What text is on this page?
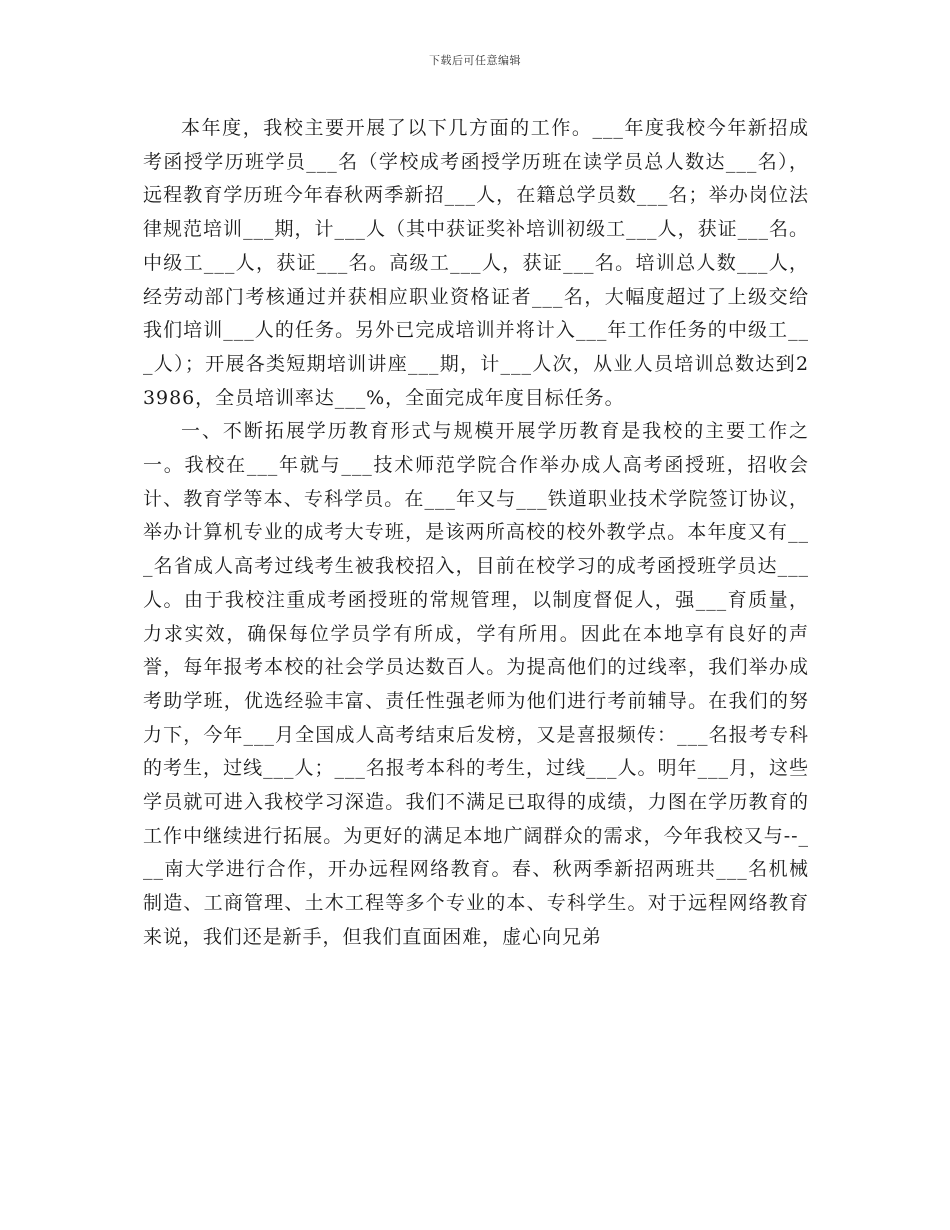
下载后可任意编辑

本年度，我校主要开展了以下几方面的工作。___年度我校今年新招成考函授学历班学员___名（学校成考函授学历班在读学员总人数达___名），远程教育学历班今年春秋两季新招___人，在籍总学员数___名；举办岗位法律规范培训___期，计___人（其中获证奖补培训初级工___人，获证___名。中级工___人，获证___名。高级工___人，获证___名。培训总人数___人，经劳动部门考核通过并获相应职业资格证者___名，大幅度超过了上级交给我们培训___人的任务。另外已完成培训并将计入___年工作任务的中级工___人）；开展各类短期培训讲座___期，计___人次，从业人员培训总数达到23986，全员培训率达___%，全面完成年度目标任务。

一、不断拓展学历教育形式与规模开展学历教育是我校的主要工作之一。我校在___年就与___技术师范学院合作举办成人高考函授班，招收会计、教育学等本、专科学员。在___年又与___铁道职业技术学院签订协议，举办计算机专业的成考大专班，是该两所高校的校外教学点。本年度又有___名省成人高考过线考生被我校招入，目前在校学习的成考函授班学员达___人。由于我校注重成考函授班的常规管理，以制度督促人，强___育质量，力求实效，确保每位学员学有所成，学有所用。因此在本地享有良好的声誉，每年报考本校的社会学员达数百人。为提高他们的过线率，我们举办成考助学班，优选经验丰富、责任性强老师为他们进行考前辅导。在我们的努力下，今年___月全国成人高考结束后发榜，又是喜报频传：___名报考专科的考生，过线___人；___名报考本科的考生，过线___人。明年___月，这些学员就可进入我校学习深造。我们不满足已取得的成绩，力图在学历教育的工作中继续进行拓展。为更好的满足本地广阔群众的需求，今年我校又与--___南大学进行合作，开办远程网络教育。春、秋两季新招两班共___名机械制造、工商管理、土木工程等多个专业的本、专科学生。对于远程网络教育来说，我们还是新手，但我们直面困难，虚心向兄弟
